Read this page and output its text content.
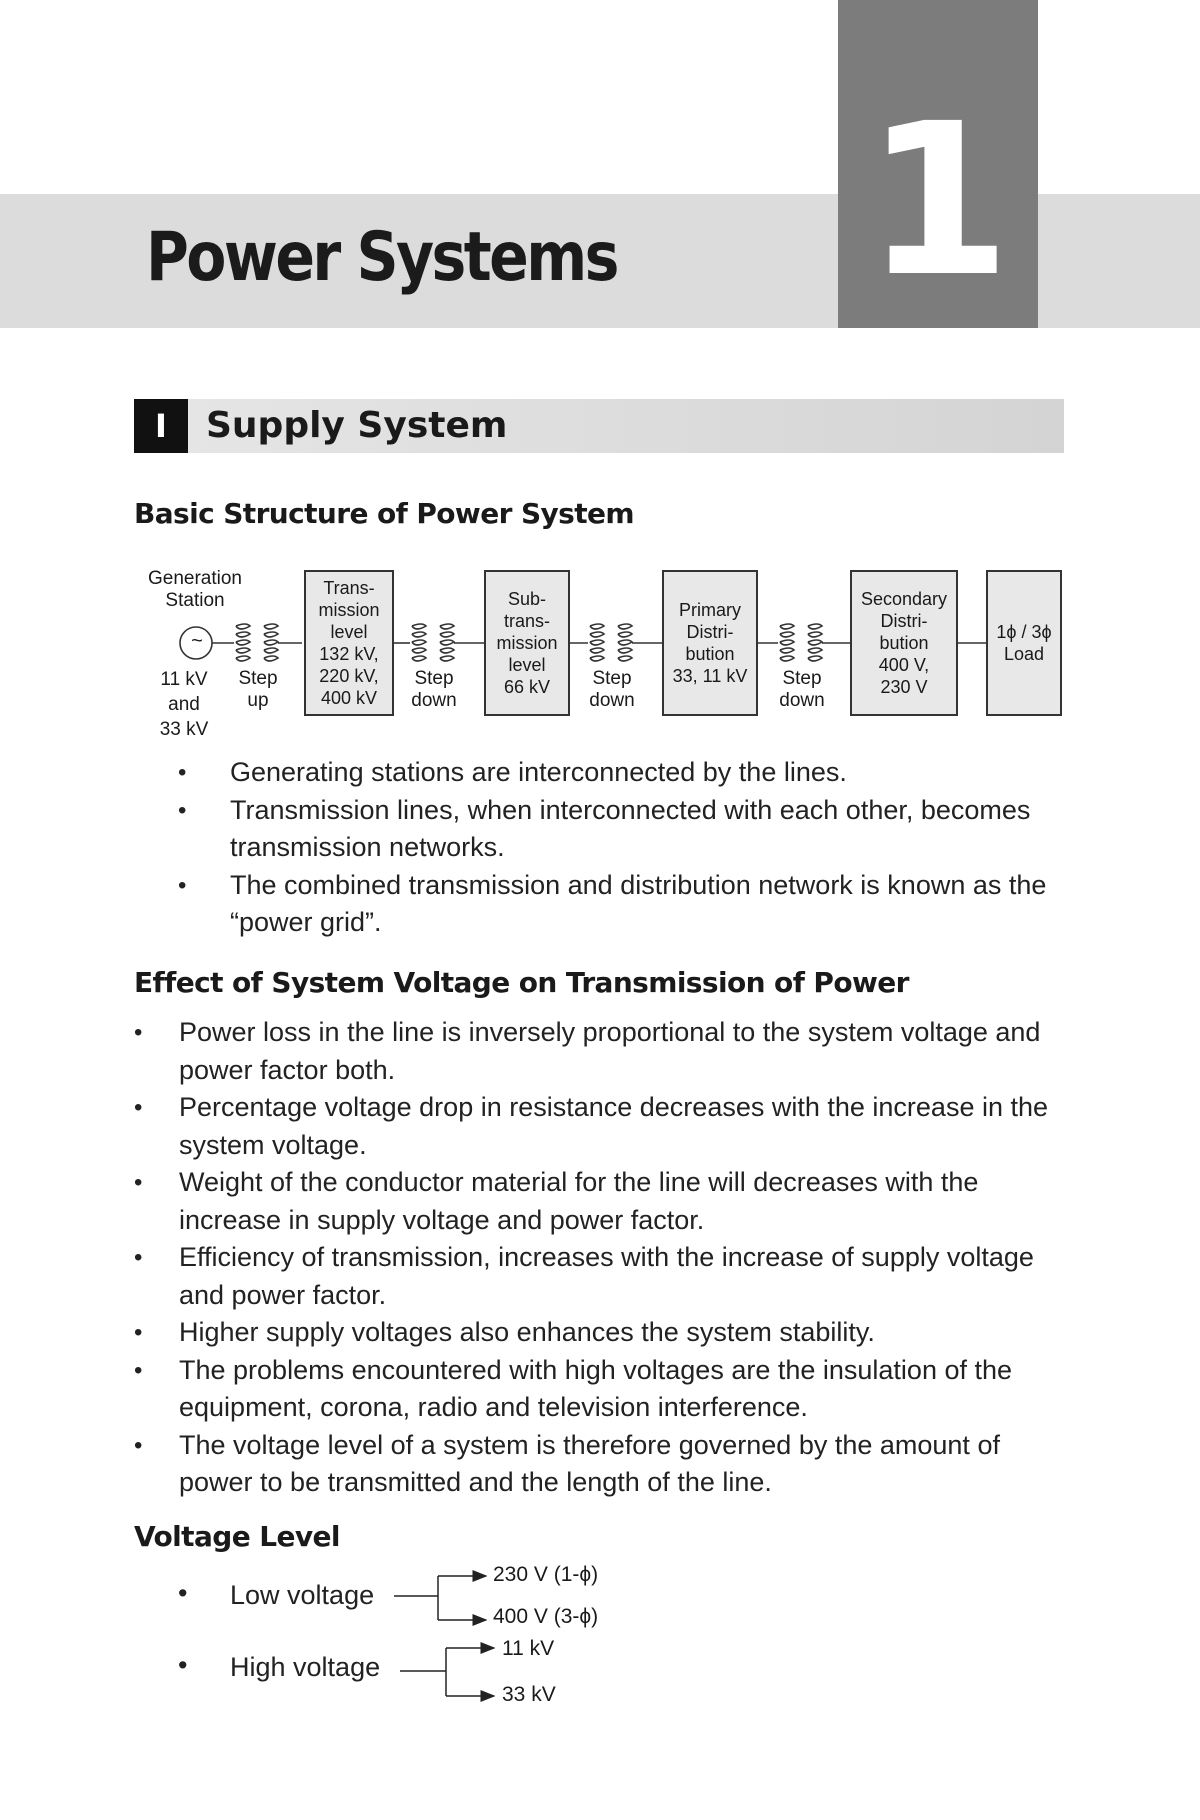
Power Systems 1
I	Supply System
Basic Structure of Power System
Generation
Station
~
11 kV
and
33 kV
Step
up
Step
down
Step
down
Step
down
Trans-
mission
level
132 kV,
220 kV,
400 kV
Sub-
trans-
mission
level
66 kV
Primary
Distri-
bution
33, 11 kV
Secondary
Distri-
bution
400 V,
230 V
1ϕ / 3ϕ
Load
• Generating stations are interconnected by the lines.
• Transmission lines, when interconnected with each other, becomes transmission networks.
• The combined transmission and distribution network is known as the “power grid”.
Effect of System Voltage on Transmission of Power
• Power loss in the line is inversely proportional to the system voltage and power factor both.
• Percentage voltage drop in resistance decreases with the increase in the system voltage.
• Weight of the conductor material for the line will decreases with the increase in supply voltage and power factor.
• Efficiency of transmission, increases with the increase of supply voltage and power factor.
• Higher supply voltages also enhances the system stability.
• The problems encountered with high voltages are the insulation of the equipment, corona, radio and television interference.
• The voltage level of a system is therefore governed by the amount of power to be transmitted and the length of the line.
Voltage Level
• Low voltage
• High voltage
230 V (1-ϕ)
400 V (3-ϕ)
11 kV
33 kV
